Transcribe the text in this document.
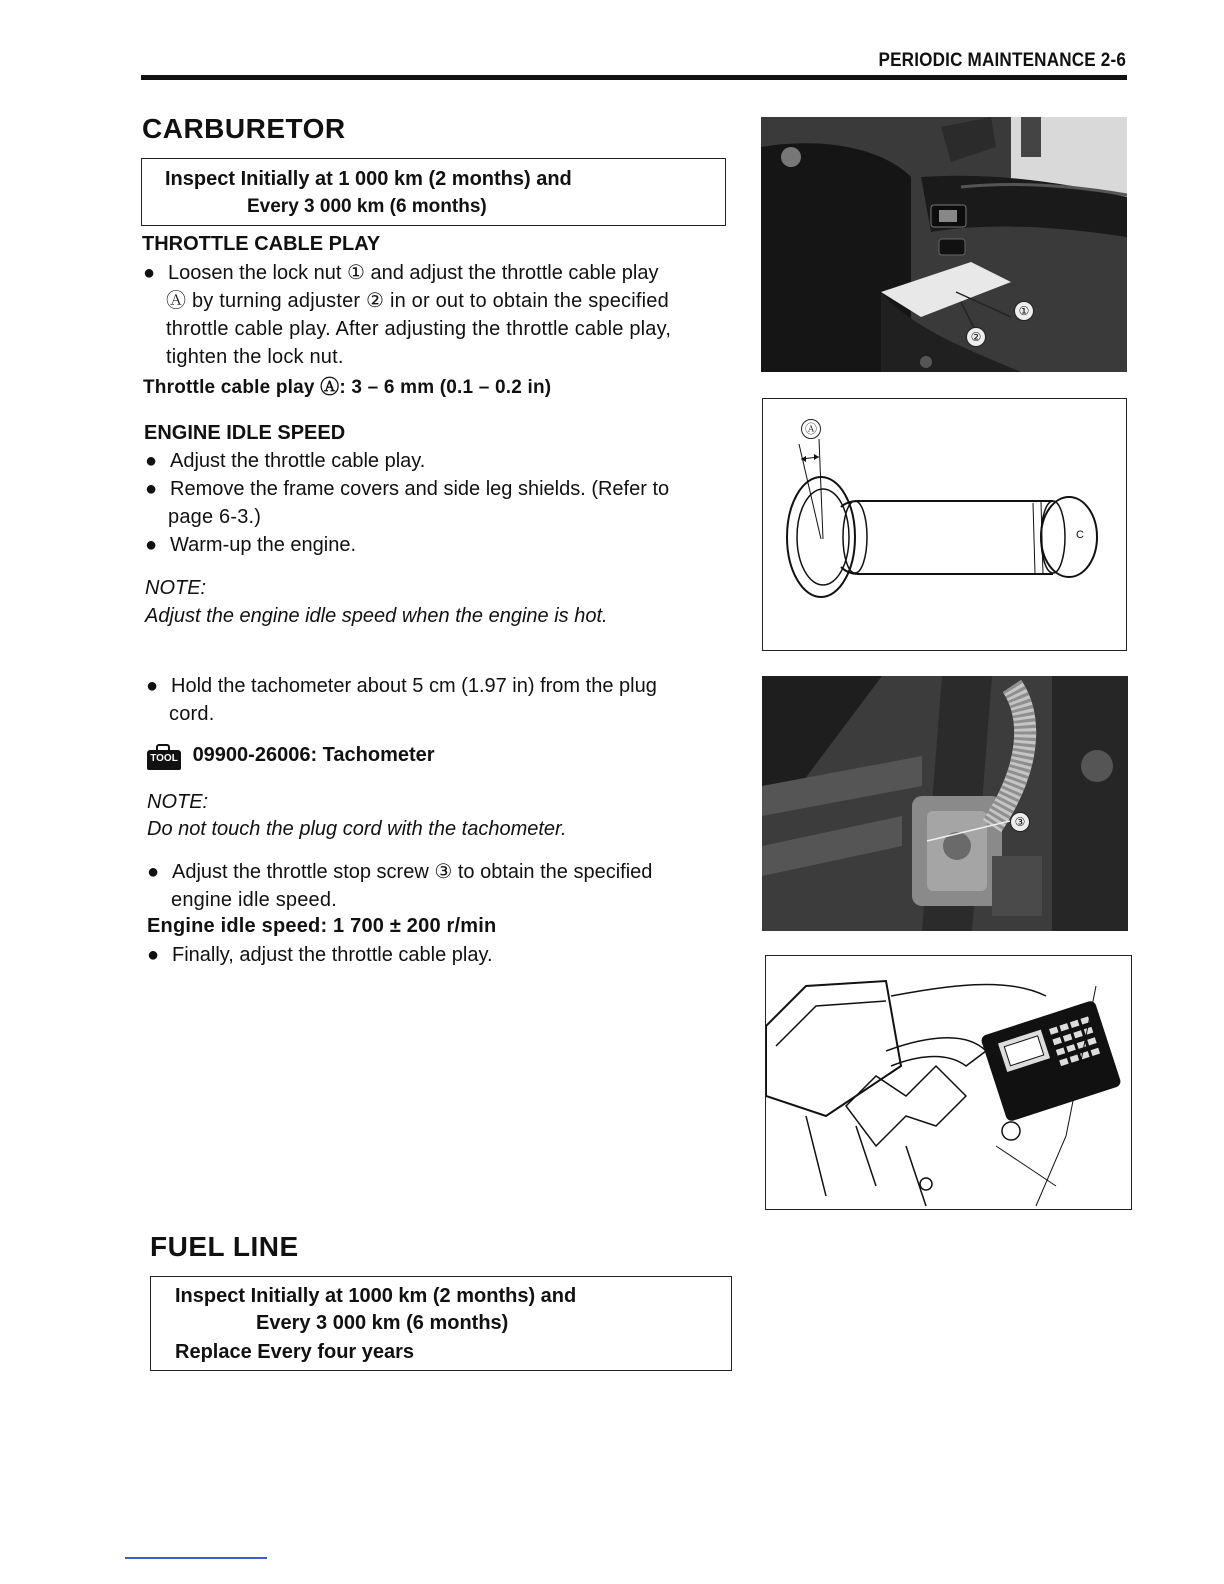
PERIODIC MAINTENANCE 2-6
CARBURETOR
Inspect Initially at 1 000 km (2 months) and
Every 3 000 km (6 months)
THROTTLE CABLE PLAY
● Loosen the lock nut ① and adjust the throttle cable play
Ⓐ by turning adjuster ② in or out to obtain the specified
throttle cable play. After adjusting the throttle cable play,
tighten the lock nut.
Throttle cable play Ⓐ: 3 – 6 mm (0.1 – 0.2 in)
ENGINE IDLE SPEED
● Adjust the throttle cable play.
● Remove the frame covers and side leg shields. (Refer to
page 6-3.)
● Warm-up the engine.
NOTE:
Adjust the engine idle speed when the engine is hot.
● Hold the tachometer about 5 cm (1.97 in) from the plug
cord.
TOOL 09900-26006: Tachometer
NOTE:
Do not touch the plug cord with the tachometer.
● Adjust the throttle stop screw ③ to obtain the specified
engine idle speed.
Engine idle speed: 1 700 ± 200 r/min
● Finally, adjust the throttle cable play.
FUEL LINE
Inspect Initially at 1000 km (2 months) and
Every 3 000 km (6 months)
Replace Every four years
①
②
Ⓐ
C
③
